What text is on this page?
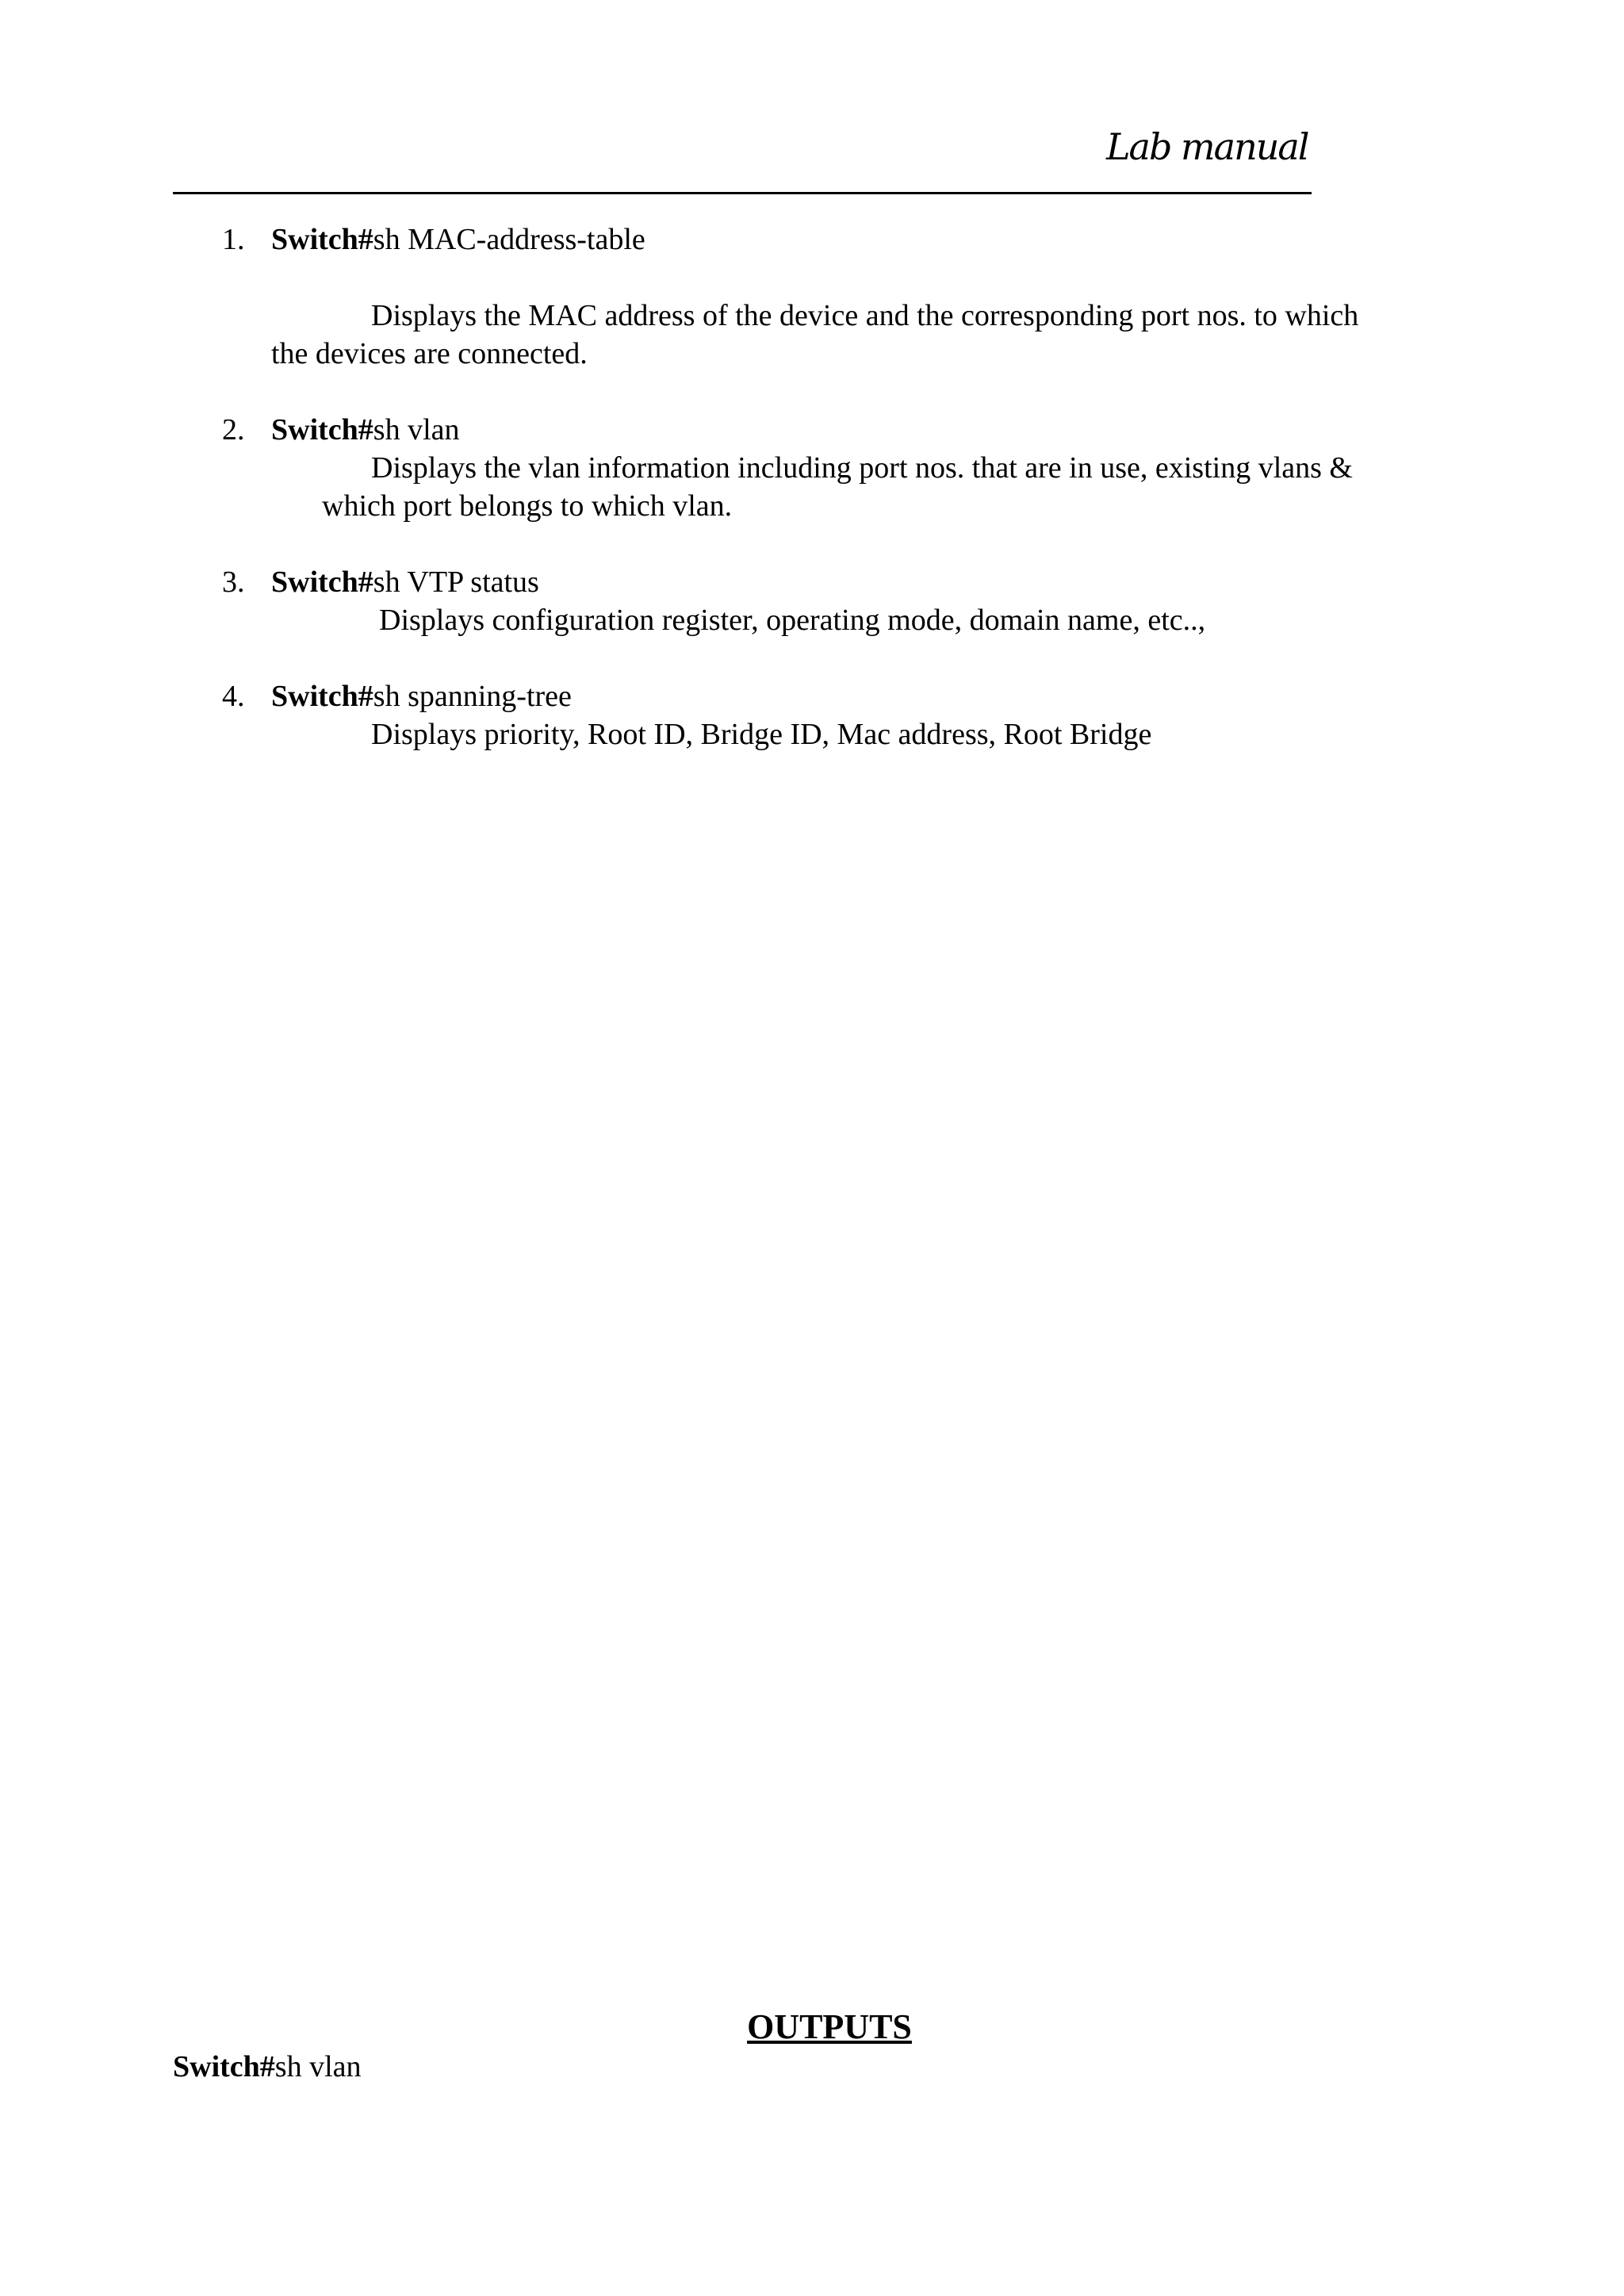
Lab manual
1. Switch#sh MAC-address-table
Displays the MAC address of the device and the corresponding port nos. to which
the devices are connected.
2. Switch#sh vlan
Displays the vlan information including port nos. that are in use, existing vlans &
which port belongs to which vlan.
3. Switch#sh VTP status
Displays configuration register, operating mode, domain name, etc..,
4. Switch#sh spanning-tree
Displays priority, Root ID, Bridge ID, Mac address, Root Bridge
OUTPUTS
Switch#sh vlan
